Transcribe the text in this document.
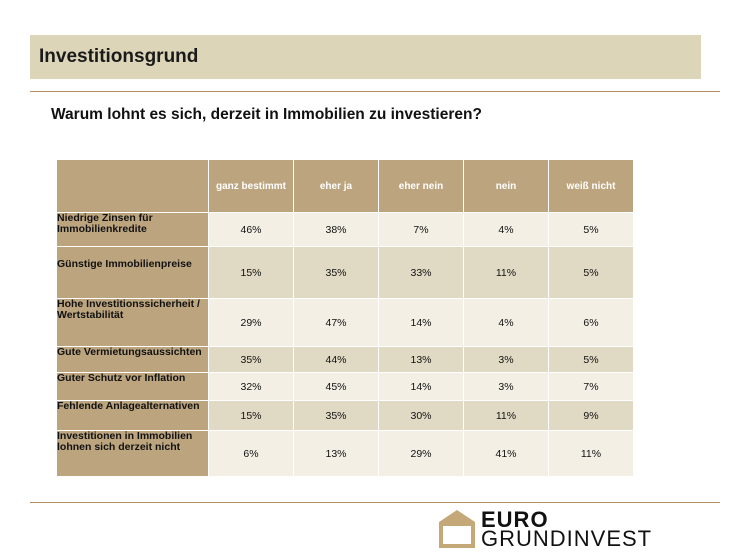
Investitionsgrund
Warum lohnt es sich, derzeit in Immobilien zu investieren?
	ganz bestimmt	eher ja	eher nein	nein	weiß nicht
Niedrige Zinsen für Immobilienkredite	46%	38%	7%	4%	5%
Günstige Immobilienpreise	15%	35%	33%	11%	5%
Hohe Investitionssicherheit / Wertstabilität	29%	47%	14%	4%	6%
Gute Vermietungsaussichten	35%	44%	13%	3%	5%
Guter Schutz vor Inflation	32%	45%	14%	3%	7%
Fehlende Anlagealternativen	15%	35%	30%	11%	9%
Investitionen in Immobilien lohnen sich derzeit nicht	6%	13%	29%	41%	11%
EURO
GRUNDINVEST
